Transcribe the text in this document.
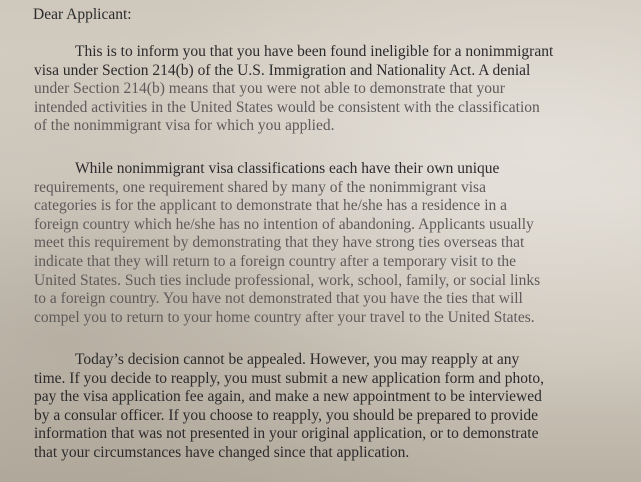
Dear Applicant:

This is to inform you that you have been found ineligible for a nonimmigrant
visa under Section 214(b) of the U.S. Immigration and Nationality Act. A denial
under Section 214(b) means that you were not able to demonstrate that your
intended activities in the United States would be consistent with the classification
of the nonimmigrant visa for which you applied.

While nonimmigrant visa classifications each have their own unique
requirements, one requirement shared by many of the nonimmigrant visa
categories is for the applicant to demonstrate that he/she has a residence in a
foreign country which he/she has no intention of abandoning. Applicants usually
meet this requirement by demonstrating that they have strong ties overseas that
indicate that they will return to a foreign country after a temporary visit to the
United States. Such ties include professional, work, school, family, or social links
to a foreign country. You have not demonstrated that you have the ties that will
compel you to return to your home country after your travel to the United States.

Today’s decision cannot be appealed. However, you may reapply at any
time. If you decide to reapply, you must submit a new application form and photo,
pay the visa application fee again, and make a new appointment to be interviewed
by a consular officer. If you choose to reapply, you should be prepared to provide
information that was not presented in your original application, or to demonstrate
that your circumstances have changed since that application.
